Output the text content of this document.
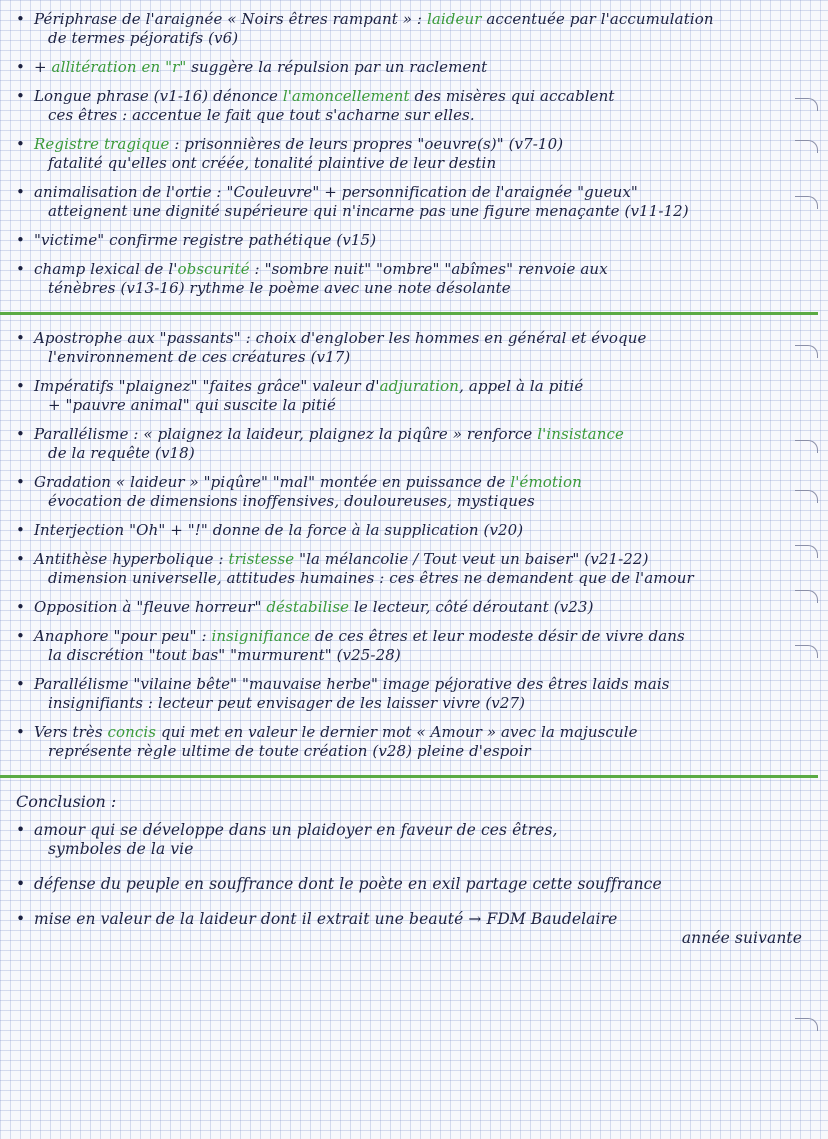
• Périphrase de l'araignée « Noirs êtres rampant » : laideur accentuée par l'accumulation
de termes péjoratifs (v6)
• + allitération en "r" suggère la répulsion par un raclement
• Longue phrase (v1-16) dénonce l'amoncellement des misères qui accablent
ces êtres : accentue le fait que tout s'acharne sur elles.
• Registre tragique : prisonnières de leurs propres "oeuvre(s)" (v7-10)
fatalité qu'elles ont créée, tonalité plaintive de leur destin
• animalisation de l'ortie : "Couleuvre" + personnification de l'araignée "gueux"
atteignent une dignité supérieure qui n'incarne pas une figure menaçante (v11-12)
• "victime" confirme registre pathétique (v15)
• champ lexical de l'obscurité : "sombre nuit" "ombre" "abîmes" renvoie aux
ténèbres (v13-16) rythme le poème avec une note désolante
• Apostrophe aux "passants" : choix d'englober les hommes en général et évoque
l'environnement de ces créatures (v17)
• Impératifs "plaignez" "faites grâce" valeur d'adjuration, appel à la pitié
+ "pauvre animal" qui suscite la pitié
• Parallélisme : « plaignez la laideur, plaignez la piqûre » renforce l'insistance
de la requête (v18)
• Gradation « laideur » "piqûre" "mal" montée en puissance de l'émotion
évocation de dimensions inoffensives, douloureuses, mystiques
• Interjection "Oh" + "!" donne de la force à la supplication (v20)
• Antithèse hyperbolique : tristesse "la mélancolie / Tout veut un baiser" (v21-22)
dimension universelle, attitudes humaines : ces êtres ne demandent que de l'amour
• Opposition à "fleuve horreur" déstabilise le lecteur, côté déroutant (v23)
• Anaphore "pour peu" : insignifiance de ces êtres et leur modeste désir de vivre dans
la discrétion "tout bas" "murmurent" (v25-28)
• Parallélisme "vilaine bête" "mauvaise herbe" image péjorative des êtres laids mais
insignifiants : lecteur peut envisager de les laisser vivre (v27)
• Vers très concis qui met en valeur le dernier mot « Amour » avec la majuscule
représente règle ultime de toute création (v28) pleine d'espoir
Conclusion :
• amour qui se développe dans un plaidoyer en faveur de ces êtres,
symboles de la vie
• défense du peuple en souffrance dont le poète en exil partage cette souffrance
• mise en valeur de la laideur dont il extrait une beauté → FDM Baudelaire
année suivante
